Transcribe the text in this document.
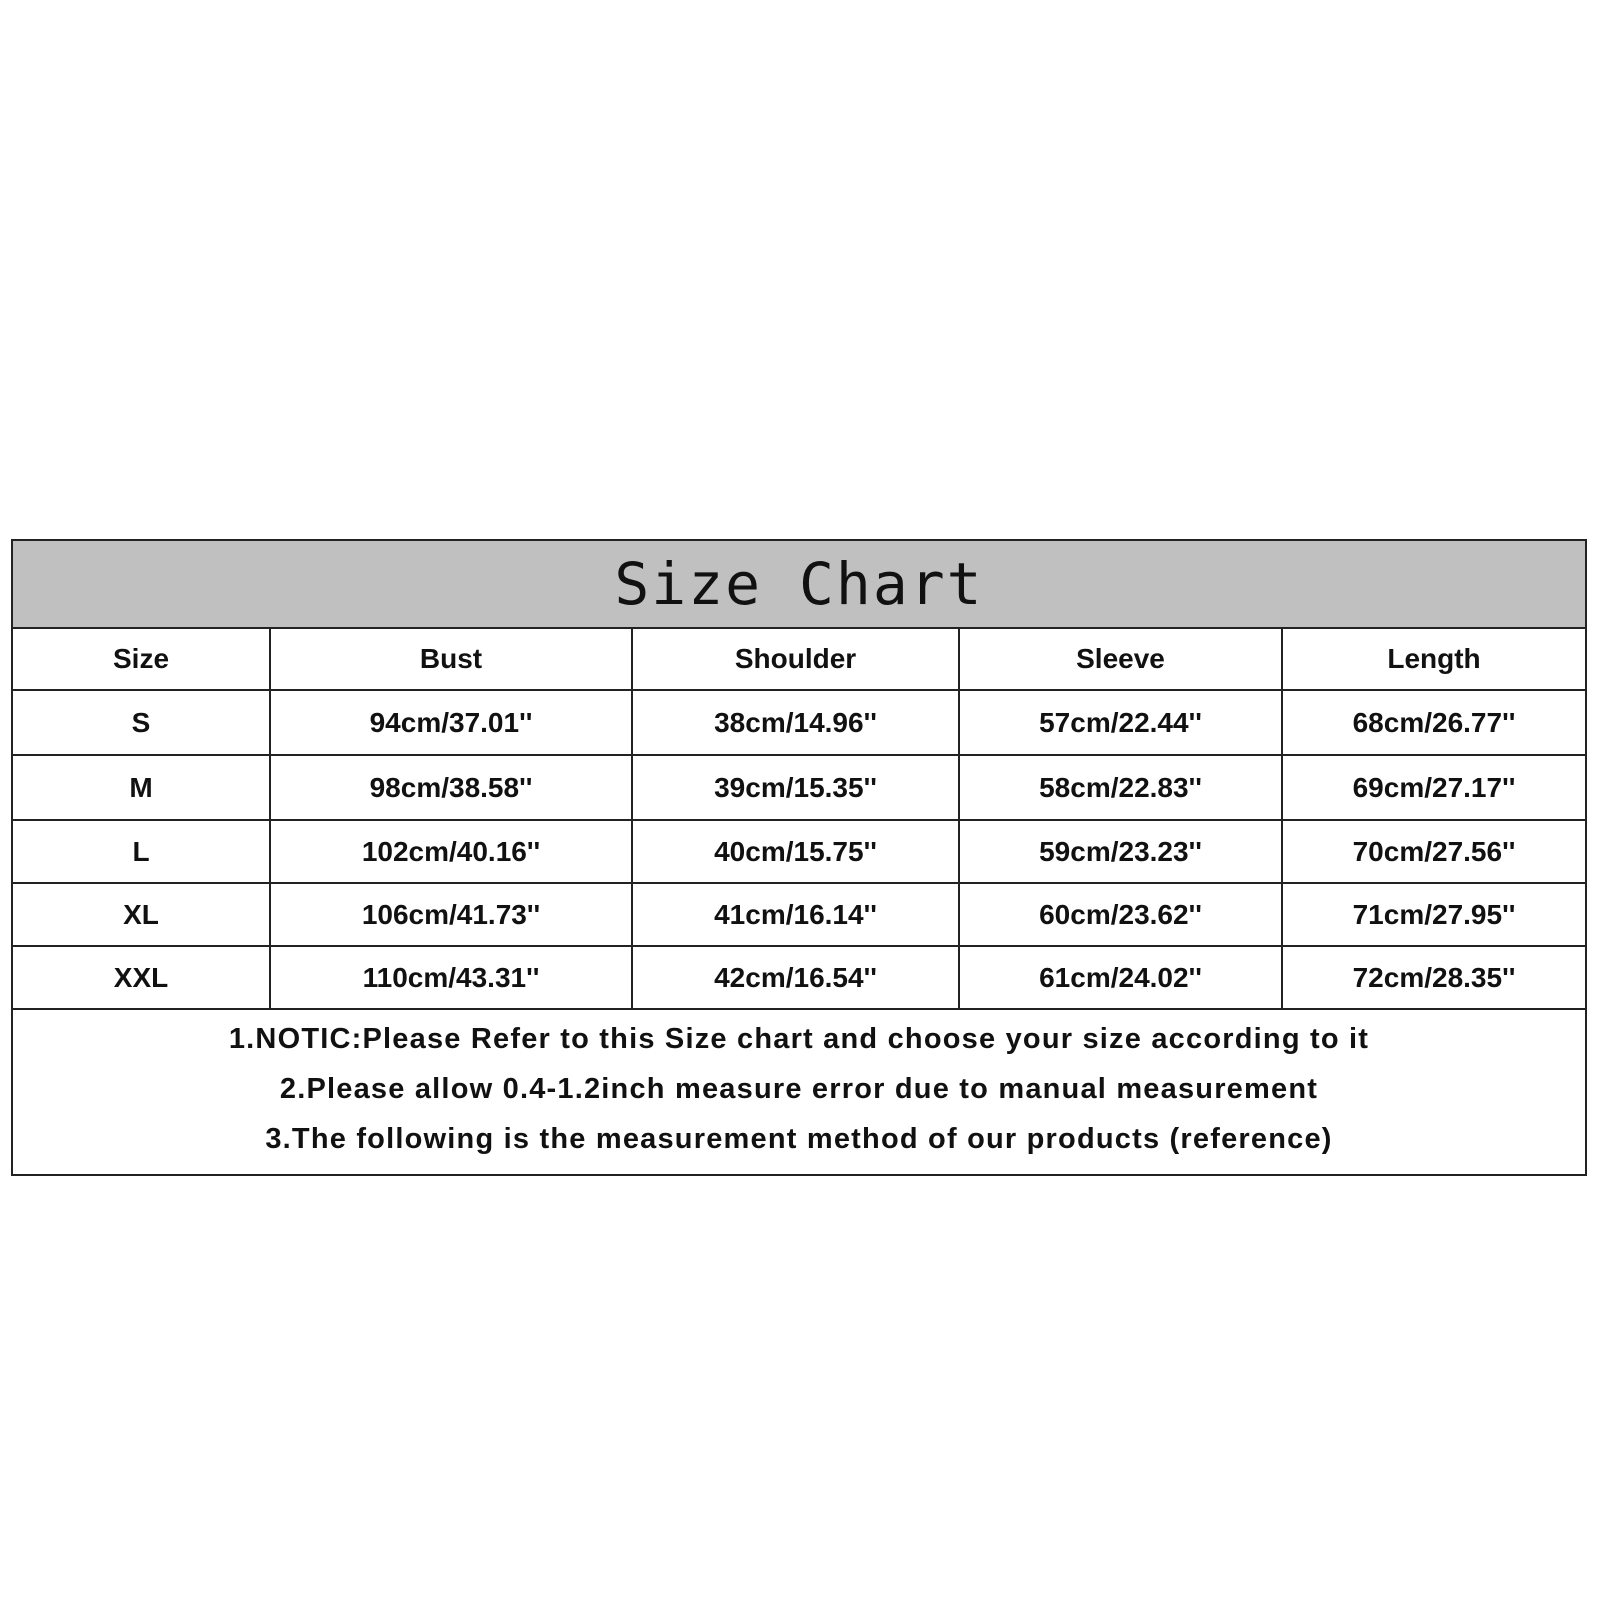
Size Chart
Size	Bust	Shoulder	Sleeve	Length
S	94cm/37.01''	38cm/14.96''	57cm/22.44''	68cm/26.77''
M	98cm/38.58''	39cm/15.35''	58cm/22.83''	69cm/27.17''
L	102cm/40.16''	40cm/15.75''	59cm/23.23''	70cm/27.56''
XL	106cm/41.73''	41cm/16.14''	60cm/23.62''	71cm/27.95''
XXL	110cm/43.31''	42cm/16.54''	61cm/24.02''	72cm/28.35''
1.NOTIC:Please Refer to this Size chart and choose your size according to it
2.Please allow 0.4-1.2inch measure error due to manual measurement
3.The following is the measurement method of our products (reference)
